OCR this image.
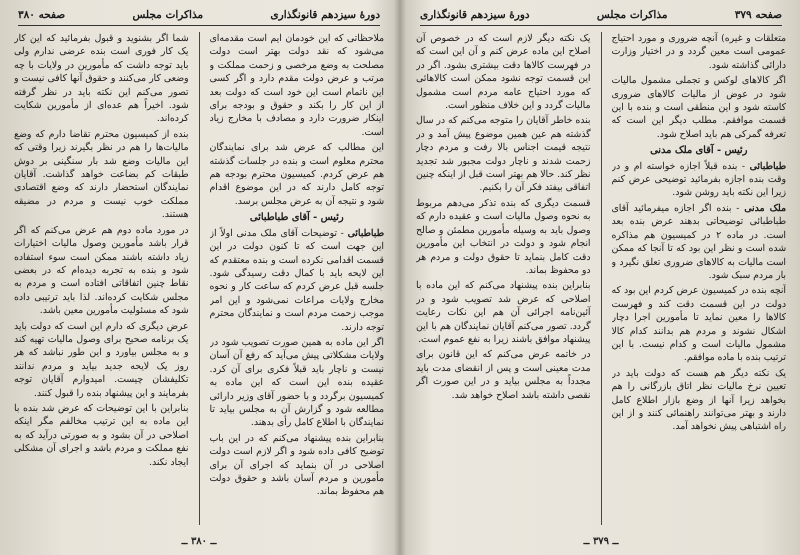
دورهٔ سیزدهم قانونگذاری
مذاکرات مجلس
صفحه ۳۸۰

ملاحظاتی که این خودمان ایم است مقدمه‌ای می‌شود که نقد دولت بهتر است دولت مصلحت به وضع مرخصی و زحمت مملکت و مرتب و عرض دولت مقدم دارد و اگر کسی این ناتمام است این خود است که دولت بعد از این کار را بکند و حقوق و بودجه برای اینکار ضرورت دارد و مصادف با مخارج زیاد است.

این مطالب که عرض شد برای نمایندگان محترم معلوم است و بنده در جلسات گذشته هم عرض کردم. کمیسیون محترم بودجه هم توجه کامل دارند که در این موضوع اقدام شود و نتیجه آن به عرض مجلس برسد.

رئیس - آقای طباطبائی

طباطبائی - توضیحات آقای ملک مدنی اولاً از این جهت است که تا کنون دولت در این قسمت اقدامی نکرده است و بنده معتقدم که این لایحه باید با کمال دقت رسیدگی شود. جلسه قبل عرض کردم که ساعت کار و نحوه مخارج ولایات مراعات نمی‌شود و این امر موجب زحمت مردم است و نمایندگان محترم توجه دارند.

اگر این ماده به همین صورت تصویب شود در ولایات مشکلاتی پیش می‌آید که رفع آن آسان نیست و ناچار باید قبلاً فکری برای آن کرد. عقیده بنده این است که این ماده به کمیسیون برگردد و با حضور آقای وزیر دارائی مطالعه شود و گزارش آن به مجلس بیاید تا نمایندگان با اطلاع کامل رأی بدهند.

بنابراین بنده پیشنهاد می‌کنم که در این باب توضیح کافی داده شود و اگر لازم است دولت اصلاحی در آن بنماید که اجرای آن برای مأمورین و مردم آسان باشد و حقوق دولت هم محفوظ بماند.

شما اگر بشنوید و قبول بفرمائید که این کار یک کار فوری است بنده عرضی ندارم ولی باید توجه داشت که مأمورین در ولایات با چه وضعی کار می‌کنند و حقوق آنها کافی نیست و تصور می‌کنم این نکته باید در نظر گرفته شود. اخیراً هم عده‌ای از مأمورین شکایت کرده‌اند.

بنده از کمیسیون محترم تقاضا دارم که وضع مالیات‌ها را هم در نظر بگیرند زیرا وقتی که این مالیات وضع شد بار سنگینی بر دوش طبقات کم بضاعت خواهد گذاشت. آقایان نمایندگان استحضار دارند که وضع اقتصادی مملکت خوب نیست و مردم در مضیقه هستند.

در مورد ماده دوم هم عرض می‌کنم که اگر قرار باشد مأمورین وصول مالیات اختیارات زیاد داشته باشند ممکن است سوء استفاده شود و بنده به تجربه دیده‌ام که در بعضی نقاط چنین اتفاقاتی افتاده است و مردم به مجلس شکایت کرده‌اند. لذا باید ترتیبی داده شود که مسئولیت مأمورین معین باشد.

عرض دیگری که دارم این است که دولت باید یک برنامه صحیح برای وصول مالیات تهیه کند و به مجلس بیاورد و این طور نباشد که هر روز یک لایحه جدید بیاید و مردم ندانند تکلیفشان چیست. امیدوارم آقایان توجه بفرمایند و این پیشنهاد بنده را قبول کنند.

بنابراین با این توضیحات که عرض شد بنده با این ماده به این ترتیب مخالفم مگر اینکه اصلاحی در آن بشود و به صورتی درآید که به نفع مملکت و مردم باشد و اجرای آن مشکلی ایجاد نکند.

ــ ۳۸۰ ــ
صفحه ۳۷۹
مذاکرات مجلس
دورهٔ سیزدهم قانونگذاری

متعلقات و غیره) آنچه ضروری و مورد احتیاج عمومی است معین گردد و در اختیار وزارت دارائی گذاشته شود.

اگر کالاهای لوکس و تجملی مشمول مالیات شود در عوض از مالیات کالاهای ضروری کاسته شود و این منطقی است و بنده با این قسمت موافقم. مطلب دیگر این است که تعرفه گمرکی هم باید اصلاح شود.

رئیس - آقای ملک مدنی

طباطبائی - بنده قبلاً اجازه خواسته ام و در وقت بنده اجازه بفرمائید توضیحی عرض کنم زیرا این نکته باید روشن شود.

ملک مدنی - بنده اگر اجازه میفرمائید آقای طباطبائی توضیحاتی بدهند عرض بنده بعد است. در ماده ۲ در کمیسیون هم مذاکره شده است و نظر این بود که تا آنجا که ممکن است مالیات به کالاهای ضروری تعلق نگیرد و بار مردم سبک شود.

آنچه بنده در کمیسیون عرض کردم این بود که دولت در این قسمت دقت کند و فهرست کالاها را معین نماید تا مأمورین اجرا دچار اشکال نشوند و مردم هم بدانند کدام کالا مشمول مالیات است و کدام نیست. با این ترتیب بنده با ماده موافقم.

یک نکته دیگر هم هست که دولت باید در تعیین نرخ مالیات نظر اتاق بازرگانی را هم بخواهد زیرا آنها از وضع بازار اطلاع کامل دارند و بهتر می‌توانند راهنمائی کنند و از این راه اشتباهی پیش نخواهد آمد.

یک نکته دیگر لازم است که در خصوص آن اصلاح این ماده عرض کنم و آن این است که در فهرست کالاها دقت بیشتری بشود. اگر در این قسمت توجه نشود ممکن است کالاهائی که مورد احتیاج عامه مردم است مشمول مالیات گردد و این خلاف منظور است.

بنده خاطر آقایان را متوجه می‌کنم که در سال گذشته هم عین همین موضوع پیش آمد و در نتیجه قیمت اجناس بالا رفت و مردم دچار زحمت شدند و ناچار دولت مجبور شد تجدید نظر کند. حالا هم بهتر است قبل از اینکه چنین اتفاقی بیفتد فکر آن را بکنیم.

قسمت دیگری که بنده تذکر می‌دهم مربوط به نحوه وصول مالیات است و عقیده دارم که وصول باید به وسیله مأمورین مطمئن و صالح انجام شود و دولت در انتخاب این مأمورین دقت کامل بنماید تا حقوق دولت و مردم هر دو محفوظ بماند.

بنابراین بنده پیشنهاد می‌کنم که این ماده با اصلاحی که عرض شد تصویب شود و در آئین‌نامه اجرائی آن هم این نکات رعایت گردد. تصور می‌کنم آقایان نمایندگان هم با این پیشنهاد موافق باشند زیرا به نفع عموم است.

در خاتمه عرض می‌کنم که این قانون برای مدت معینی است و پس از انقضای مدت باید مجدداً به مجلس بیاید و در این صورت اگر نقصی داشته باشد اصلاح خواهد شد.

ــ ۳۷۹ ــ
